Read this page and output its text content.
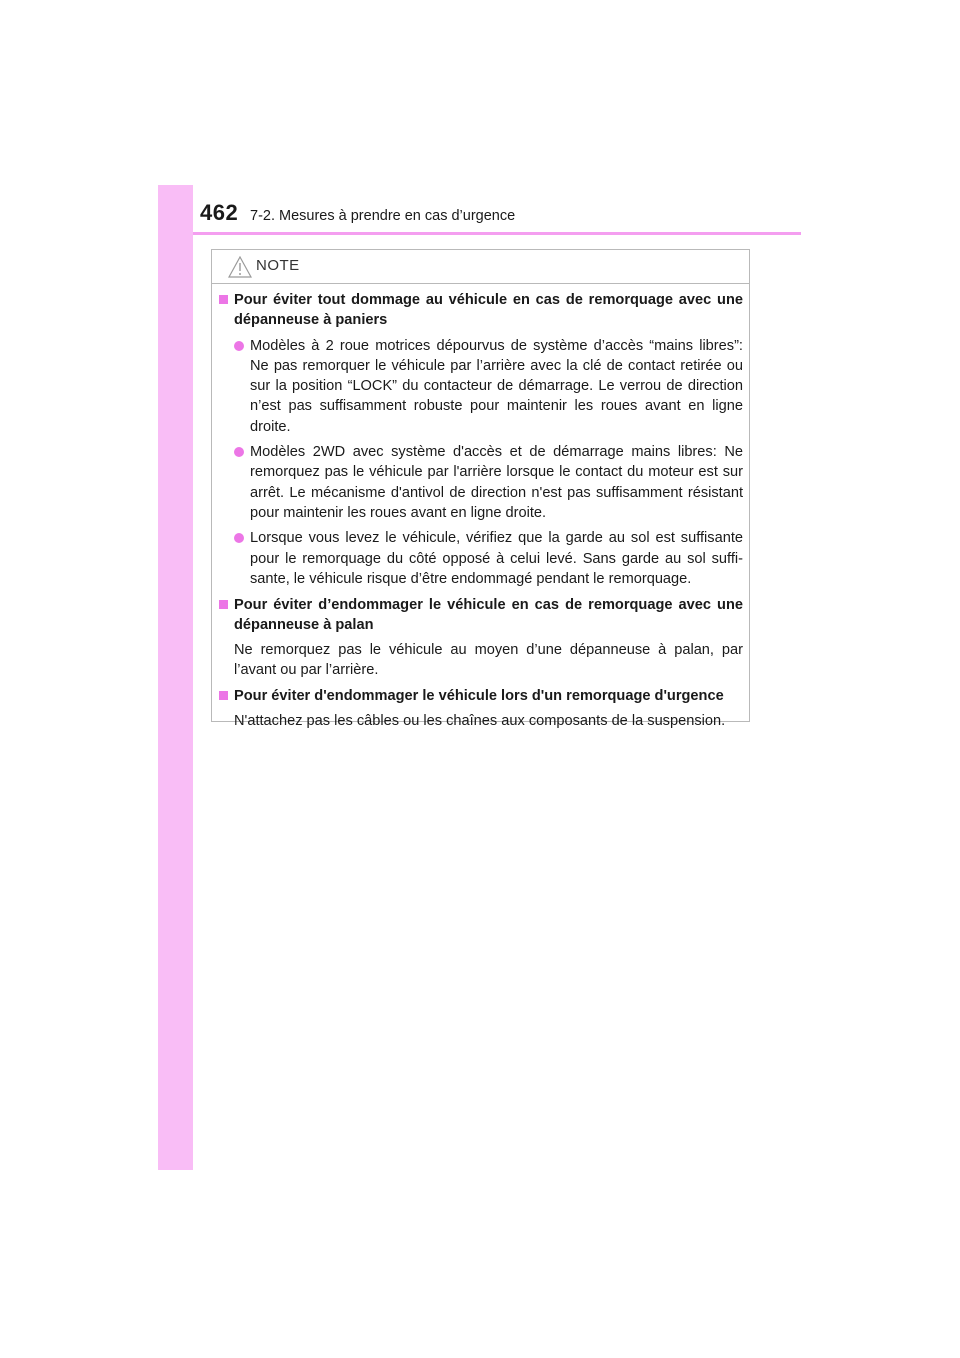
462 7-2. Mesures à prendre en cas d’urgence
NOTE

Pour éviter tout dommage au véhicule en cas de remorquage avec une dépanneuse à paniers

Modèles à 2 roue motrices dépourvus de système d’accès “mains libres”: Ne pas remorquer le véhicule par l’arrière avec la clé de contact retirée ou sur la position “LOCK” du contacteur de démarrage. Le verrou de direction n’est pas suffisamment robuste pour maintenir les roues avant en ligne droite.
Modèles 2WD avec système d'accès et de démarrage mains libres: Ne remorquez pas le véhicule par l'arrière lorsque le contact du moteur est sur arrêt. Le mécanisme d'antivol de direction n'est pas suffisamment résistant pour maintenir les roues avant en ligne droite.
Lorsque vous levez le véhicule, vérifiez que la garde au sol est suffisante pour le remorquage du côté opposé à celui levé. Sans garde au sol suffi-sante, le véhicule risque d’être endommagé pendant le remorquage.

Pour éviter d’endommager le véhicule en cas de remorquage avec une dépanneuse à palan

Ne remorquez pas le véhicule au moyen d’une dépanneuse à palan, par l’avant ou par l’arrière.

Pour éviter d'endommager le véhicule lors d'un remorquage d'urgence

N'attachez pas les câbles ou les chaînes aux composants de la suspension.
